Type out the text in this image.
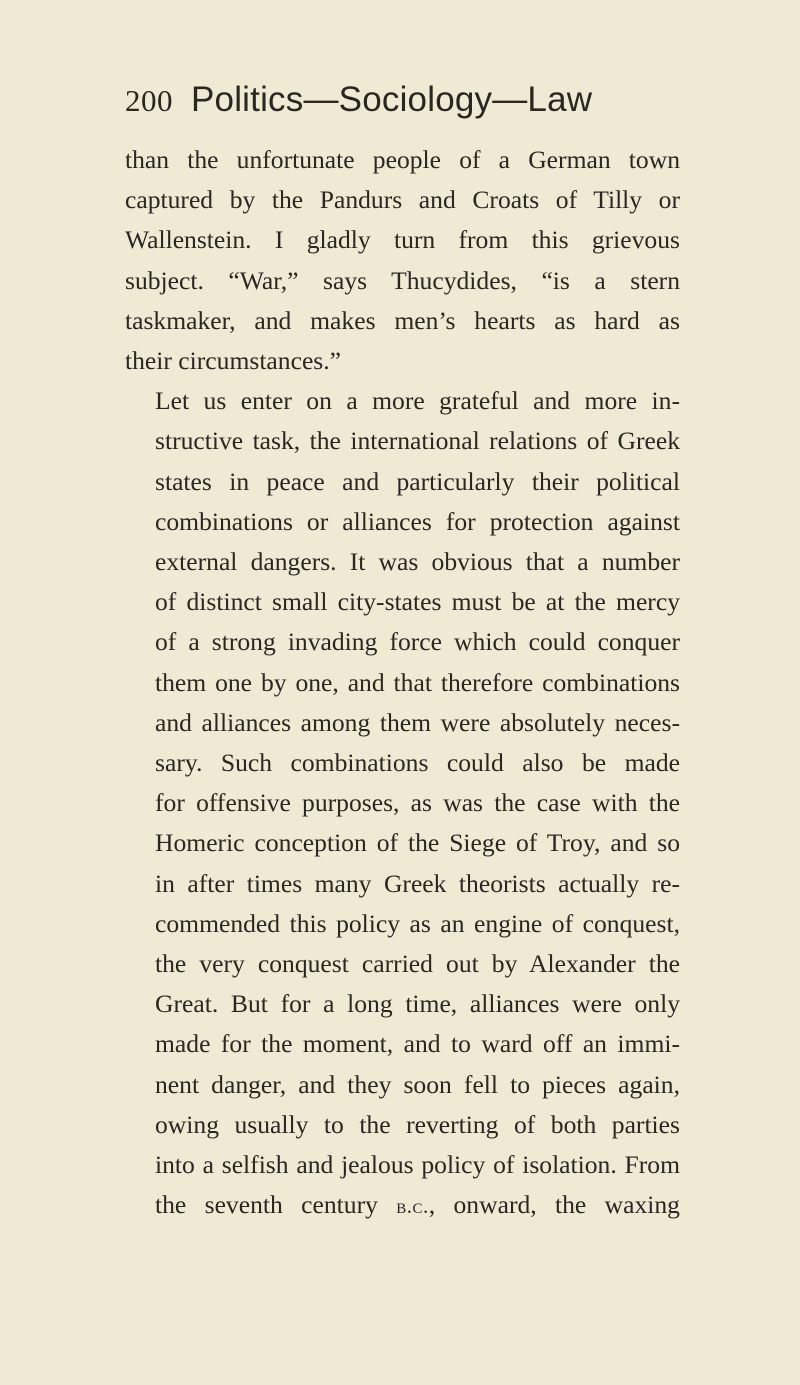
200 Politics—Sociology—Law

than the unfortunate people of a German town
captured by the Pandurs and Croats of Tilly or
Wallenstein. I gladly turn from this grievous
subject. “War,” says Thucydides, “is a stern
taskmaker, and makes men’s hearts as hard as
their circumstances.”

Let us enter on a more grateful and more in-
structive task, the international relations of Greek
states in peace and particularly their political
combinations or alliances for protection against
external dangers. It was obvious that a number
of distinct small city-states must be at the mercy
of a strong invading force which could conquer
them one by one, and that therefore combinations
and alliances among them were absolutely neces-
sary. Such combinations could also be made
for offensive purposes, as was the case with the
Homeric conception of the Siege of Troy, and so
in after times many Greek theorists actually re-
commended this policy as an engine of conquest,
the very conquest carried out by Alexander the
Great. But for a long time, alliances were only
made for the moment, and to ward off an immi-
nent danger, and they soon fell to pieces again,
owing usually to the reverting of both parties
into a selfish and jealous policy of isolation. From
the seventh century b.c., onward, the waxing
